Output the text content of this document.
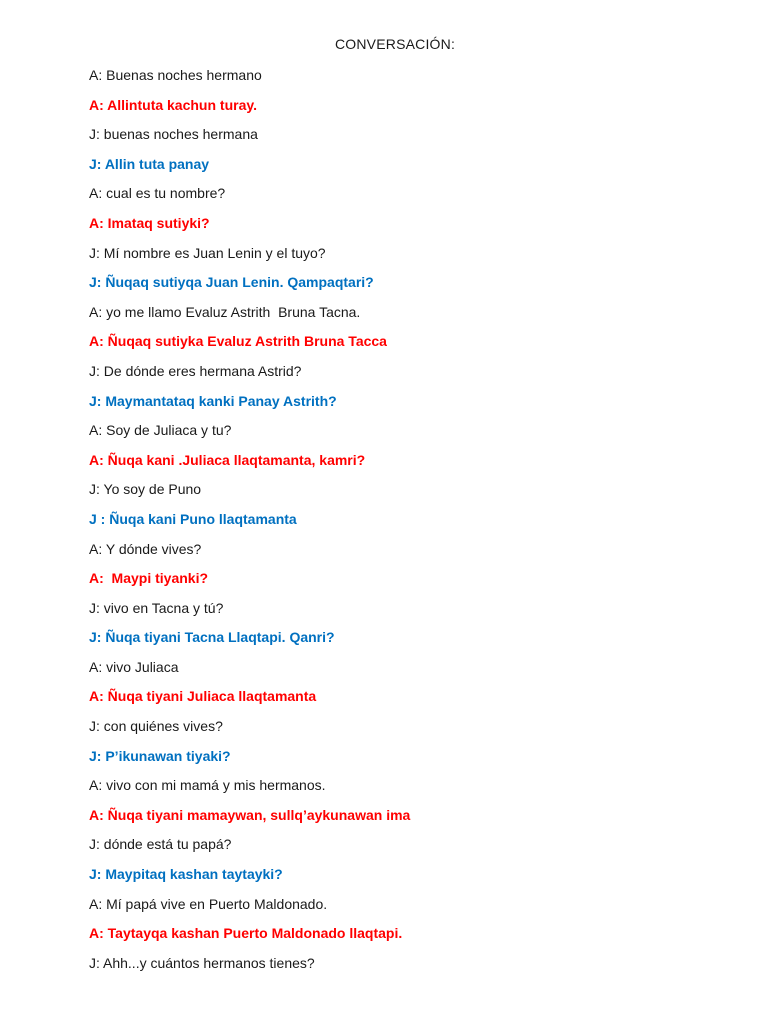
CONVERSACIÓN:
A: Buenas noches hermano
A: Allintuta kachun turay.
J: buenas noches hermana
J: Allin tuta panay
A: cual es tu nombre?
A: Imataq sutiyki?
J: Mí nombre es Juan Lenin y el tuyo?
J: Ñuqaq sutiyqa Juan Lenin. Qampaqtari?
A: yo me llamo Evaluz Astrith  Bruna Tacna.
A: Ñuqaq sutiyka Evaluz Astrith Bruna Tacca
J: De dónde eres hermana Astrid?
J: Maymantataq kanki Panay Astrith?
A: Soy de Juliaca y tu?
A: Ñuqa kani .Juliaca llaqtamanta, kamri?
J: Yo soy de Puno
J : Ñuqa kani Puno llaqtamanta
A: Y dónde vives?
A:  Maypi tiyanki?
J: vivo en Tacna y tú?
J: Ñuqa tiyani Tacna Llaqtapi. Qanri?
A: vivo Juliaca
A: Ñuqa tiyani Juliaca llaqtamanta
J: con quiénes vives?
J: P’ikunawan tiyaki?
A: vivo con mi mamá y mis hermanos.
A: Ñuqa tiyani mamaywan, sullq’aykunawan ima
J: dónde está tu papá?
J: Maypitaq kashan taytayki?
A: Mí papá vive en Puerto Maldonado.
A: Taytayqa kashan Puerto Maldonado llaqtapi.
J: Ahh...y cuántos hermanos tienes?
